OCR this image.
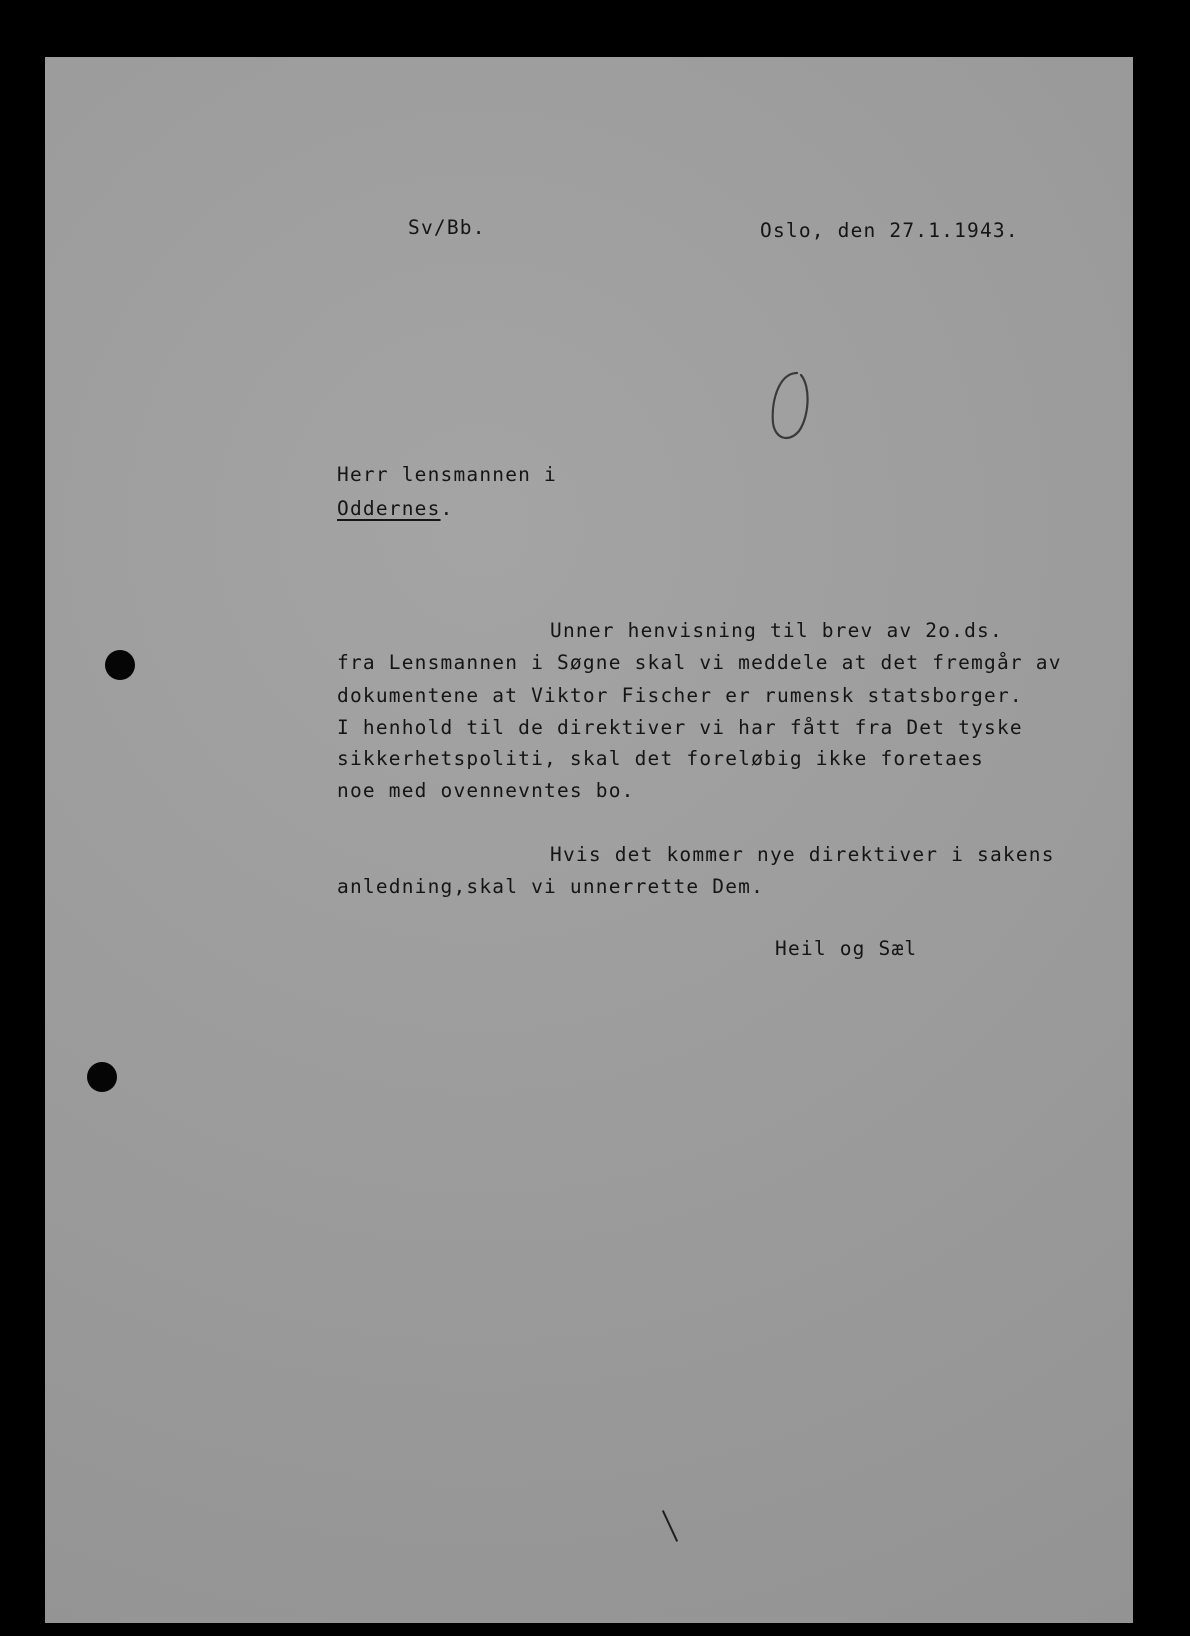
Sv/Bb.	Oslo, den 27.1.1943.
Herr lensmannen i
Oddernes.
Unner henvisning til brev av 2o.ds.
fra Lensmannen i Søgne skal vi meddele at det fremgår av
dokumentene at Viktor Fischer er rumensk statsborger.
I henhold til de direktiver vi har fått fra Det tyske
sikkerhetspoliti, skal det foreløbig ikke foretaes
noe med ovennevntes bo.
Hvis det kommer nye direktiver i sakens
anledning,skal vi unnerrette Dem.
Heil og Sæl
